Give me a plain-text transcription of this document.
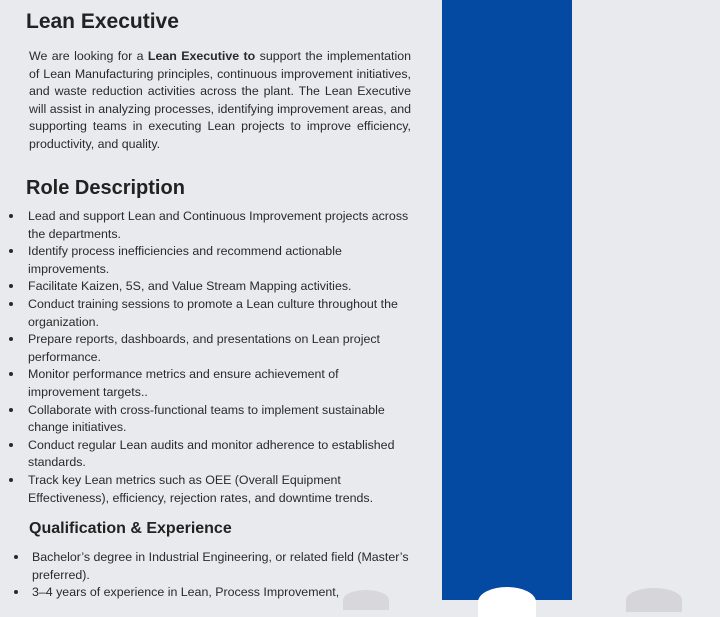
Lean Executive

We are looking for a Lean Executive to support the implementation of Lean Manufacturing principles, continuous improvement initiatives, and waste reduction activities across the plant. The Lean Executive will assist in analyzing processes, identifying improvement areas, and supporting teams in executing Lean projects to improve efficiency, productivity, and quality.

Role Description
Lead and support Lean and Continuous Improvement projects across the departments.
Identify process inefficiencies and recommend actionable improvements.
Facilitate Kaizen, 5S, and Value Stream Mapping activities.
Conduct training sessions to promote a Lean culture throughout the organization.
Prepare reports, dashboards, and presentations on Lean project performance.
Monitor performance metrics and ensure achievement of improvement targets..
Collaborate with cross-functional teams to implement sustainable change initiatives.
Conduct regular Lean audits and monitor adherence to established standards.
Track key Lean metrics such as OEE (Overall Equipment Effectiveness), efficiency, rejection rates, and downtime trends.
Qualification & Experience
Bachelor’s degree in Industrial Engineering, or related field (Master’s preferred).
3–4 years of experience in Lean, Process Improvement,
